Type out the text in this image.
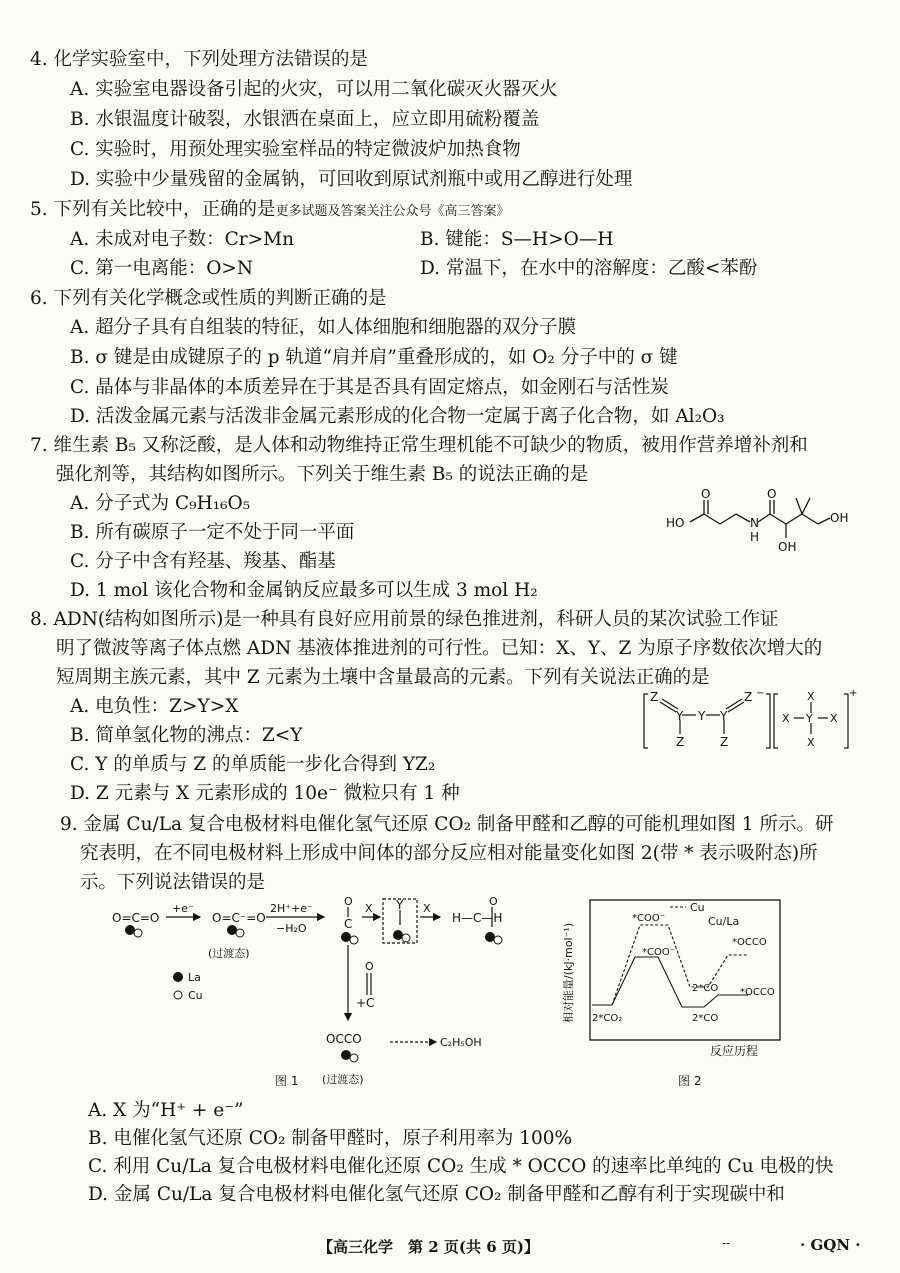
4. 化学实验室中，下列处理方法错误的是
A. 实验室电器设备引起的火灾，可以用二氧化碳灭火器灭火
B. 水银温度计破裂，水银洒在桌面上，应立即用硫粉覆盖
C. 实验时，用预处理实验室样品的特定微波炉加热食物
D. 实验中少量残留的金属钠，可回收到原试剂瓶中或用乙醇进行处理
5. 下列有关比较中，正确的是更多试题及答案关注公众号《高三答案》
A. 未成对电子数：Cr>Mn	B. 键能：S—H>O—H
C. 第一电离能：O>N	D. 常温下，在水中的溶解度：乙酸<苯酚
6. 下列有关化学概念或性质的判断正确的是
A. 超分子具有自组装的特征，如人体细胞和细胞器的双分子膜
B. σ 键是由成键原子的 p 轨道“肩并肩”重叠形成的，如 O₂ 分子中的 σ 键
C. 晶体与非晶体的本质差异在于其是否具有固定熔点，如金刚石与活性炭
D. 活泼金属元素与活泼非金属元素形成的化合物一定属于离子化合物，如 Al₂O₃
7. 维生素 B₅ 又称泛酸，是人体和动物维持正常生理机能不可缺少的物质，被用作营养增补剂和
强化剂等，其结构如图所示。下列关于维生素 B₅ 的说法正确的是
A. 分子式为 C₉H₁₆O₅
B. 所有碳原子一定不处于同一平面
C. 分子中含有羟基、羧基、酯基
D. 1 mol 该化合物和金属钠反应最多可以生成 3 mol H₂
HO
O
N
H
O
OH
OH
8. ADN(结构如图所示)是一种具有良好应用前景的绿色推进剂，科研人员的某次试验工作证
明了微波等离子体点燃 ADN 基液体推进剂的可行性。已知：X、Y、Z 为原子序数依次增大的
短周期主族元素，其中 Z 元素为土壤中含量最高的元素。下列有关说法正确的是
A. 电负性：Z>Y>X
B. 简单氢化物的沸点：Z<Y
C. Y 的单质与 Z 的单质能一步化合得到 YZ₂
D. Z 元素与 X 元素形成的 10e⁻ 微粒只有 1 种
Z
Y Y Y
Z −
Z	Z
X
X Y X
X
+
9. 金属 Cu/La 复合电极材料电催化氢气还原 CO₂ 制备甲醛和乙醇的可能机理如图 1 所示。研
究表明，在不同电极材料上形成中间体的部分反应相对能量变化如图 2(带 * 表示吸附态)所
示。下列说法错误的是
O=C=O
+e⁻
O=C⁻=O
(过渡态)
2H⁺+e⁻
−H₂O
O
C
X Y X
O
H—C—H
O
+C
OCCO	C₂H₅OH
(过渡态)
La
Cu
图 1
相对能量/(kJ·mol⁻¹)
Cu
Cu/La
2*CO₂
*COO⁻
*COO⁻
2*CO
2*CO
*OCCO
*OCCO
反应历程
图 2
A. X 为“H⁺ + e⁻”
B. 电催化氢气还原 CO₂ 制备甲醛时，原子利用率为 100%
C. 利用 Cu/La 复合电极材料电催化还原 CO₂ 生成 * OCCO 的速率比单纯的 Cu 电极的快
D. 金属 Cu/La 复合电极材料电催化氢气还原 CO₂ 制备甲醛和乙醇有利于实现碳中和
【高三化学　第 2 页(共 6 页)】	--	· GQN ·
